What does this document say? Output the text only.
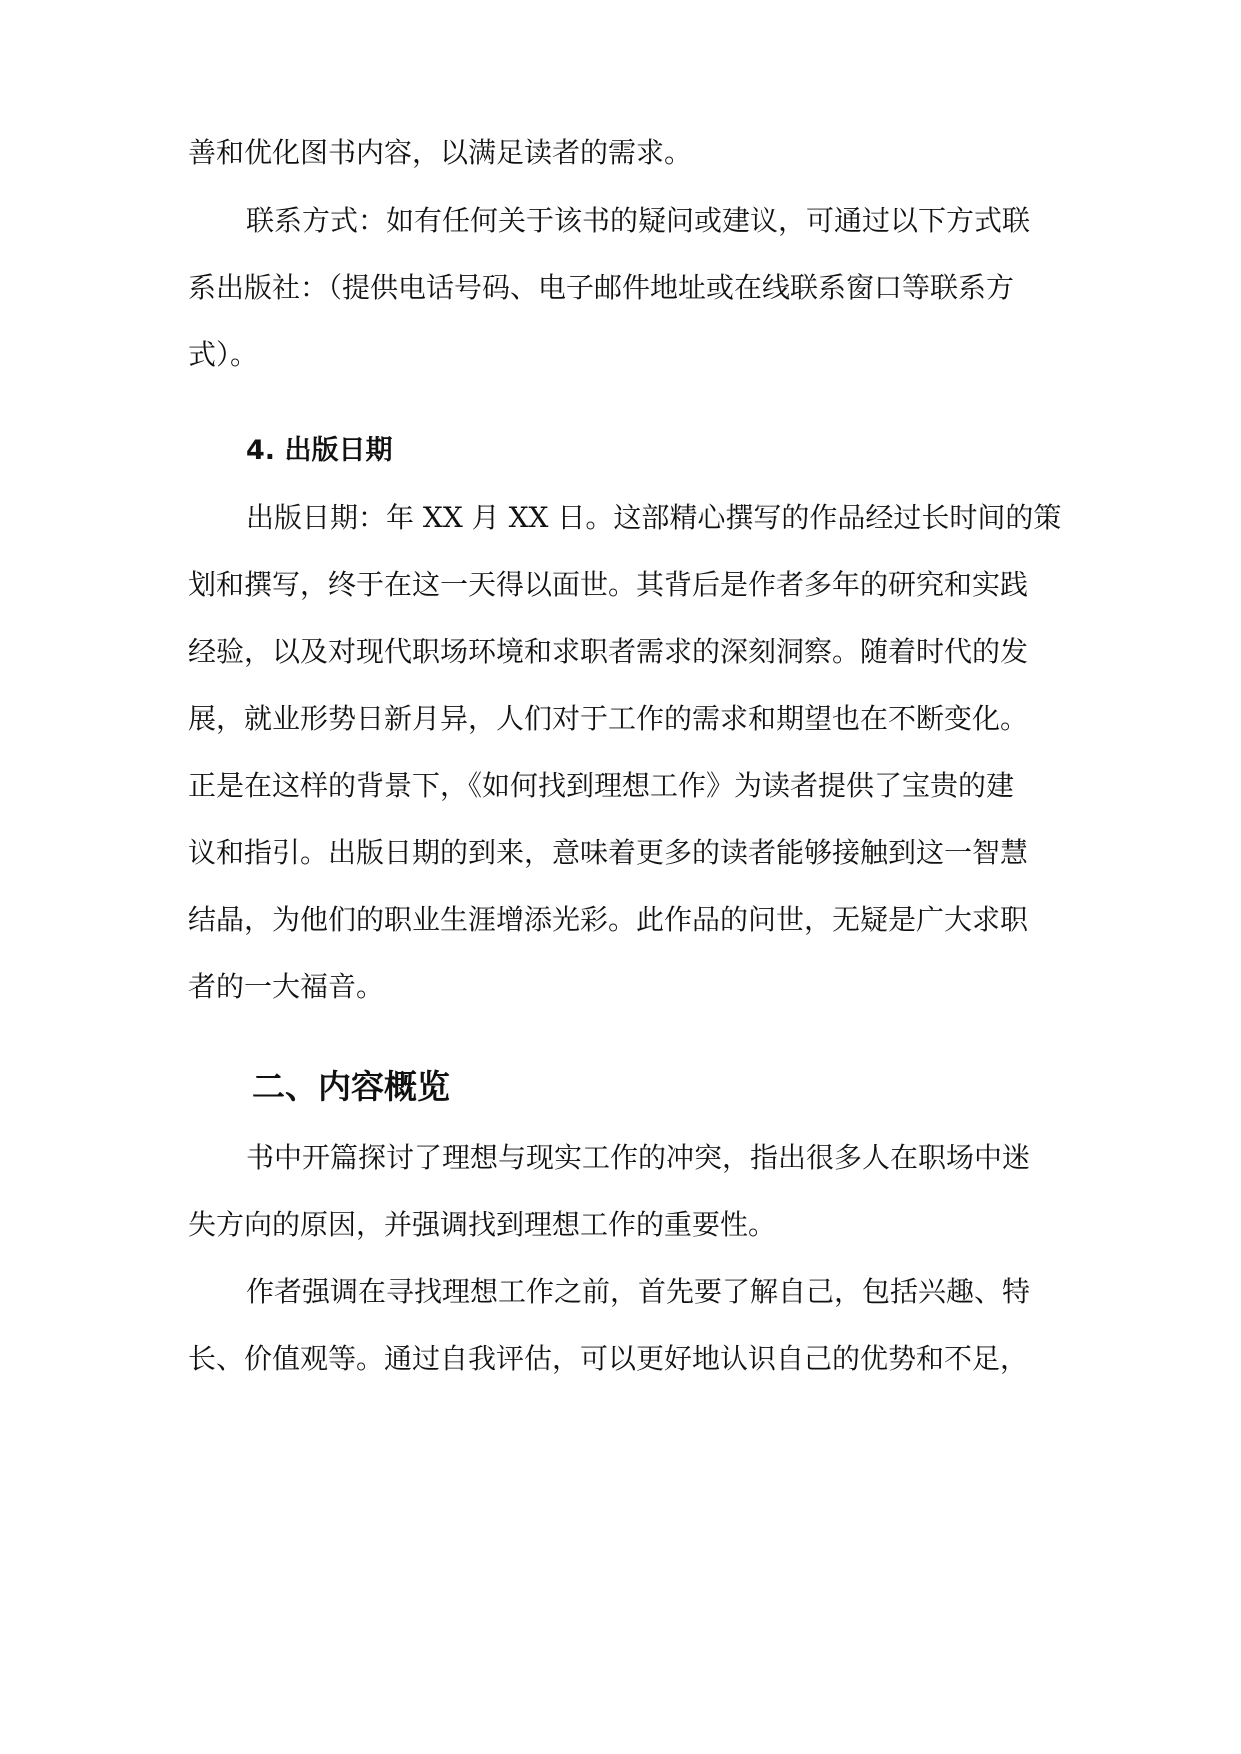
善和优化图书内容，以满足读者的需求。
联系方式：如有任何关于该书的疑问或建议，可通过以下方式联
系出版社：（提供电话号码、电子邮件地址或在线联系窗口等联系方
式）。
4. 出版日期
出版日期：年 XX 月 XX 日。这部精心撰写的作品经过长时间的策
划和撰写，终于在这一天得以面世。其背后是作者多年的研究和实践
经验，以及对现代职场环境和求职者需求的深刻洞察。随着时代的发
展，就业形势日新月异，人们对于工作的需求和期望也在不断变化。
正是在这样的背景下，《如何找到理想工作》为读者提供了宝贵的建
议和指引。出版日期的到来，意味着更多的读者能够接触到这一智慧
结晶，为他们的职业生涯增添光彩。此作品的问世，无疑是广大求职
者的一大福音。
二、内容概览
书中开篇探讨了理想与现实工作的冲突，指出很多人在职场中迷
失方向的原因，并强调找到理想工作的重要性。
作者强调在寻找理想工作之前，首先要了解自己，包括兴趣、特
长、价值观等。通过自我评估，可以更好地认识自己的优势和不足，
